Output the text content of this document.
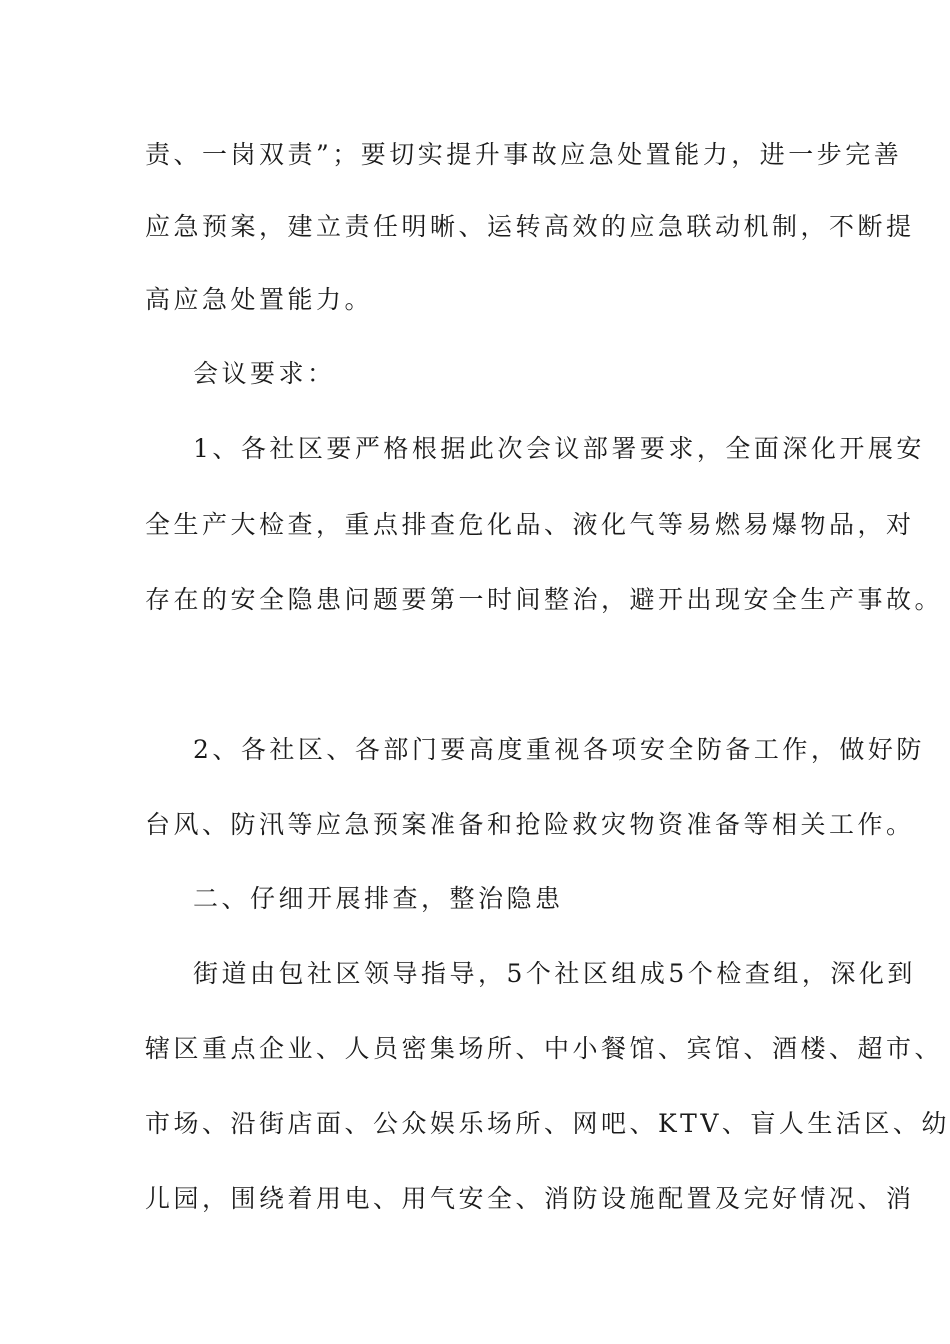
责、一岗双责”；要切实提升事故应急处置能力，进一步完善
应急预案，建立责任明晰、运转高效的应急联动机制，不断提
高应急处置能力。
会议要求：
1、各社区要严格根据此次会议部署要求，全面深化开展安
全生产大检查，重点排查危化品、液化气等易燃易爆物品，对
存在的安全隐患问题要第一时间整治，避开出现安全生产事故。
2、各社区、各部门要高度重视各项安全防备工作，做好防
台风、防汛等应急预案准备和抢险救灾物资准备等相关工作。
二、仔细开展排查，整治隐患
街道由包社区领导指导，5个社区组成5个检查组，深化到
辖区重点企业、人员密集场所、中小餐馆、宾馆、酒楼、超市、
市场、沿街店面、公众娱乐场所、网吧、KTV、盲人生活区、幼
儿园，围绕着用电、用气安全、消防设施配置及完好情况、消
